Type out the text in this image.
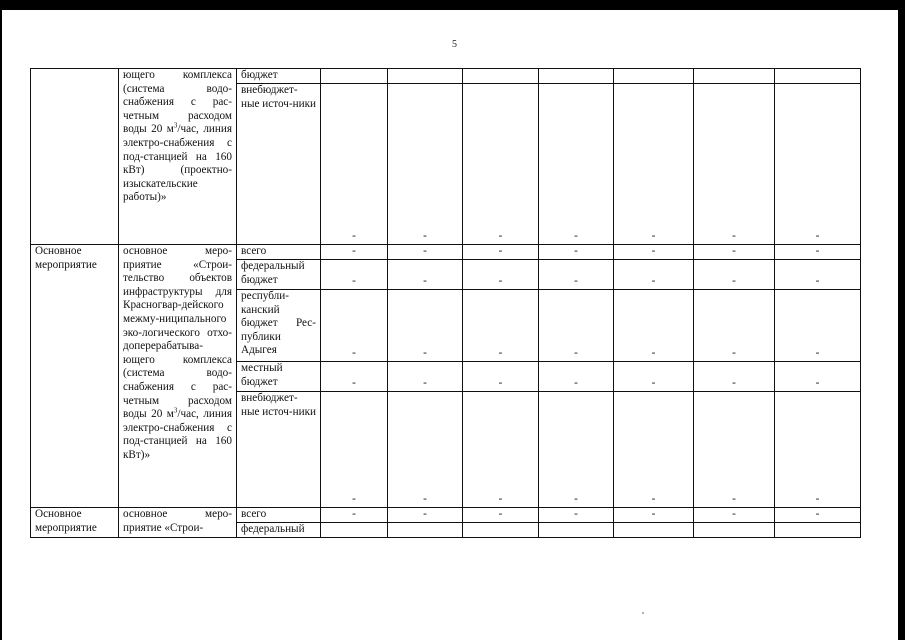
5
	ющего комплекса (система водо-снабжения с рас-четным расходом воды 20 $м^3$/час, линия электро-снабжения с под-станцией на 160 кВт) (проектно-изыскательские работы)»	бюджет							
		внебюджет-ные источ-ники	-	-	-	-	-	-	-
Основное мероприятие	основное меро-приятие «Строи-тельство объектов инфраструктуры для Красногвар-дейского межму-ниципального эко-логического отхо-доперерабатыва-ющего комплекса (система водо-снабжения с рас-четным расходом воды 20 $м^3$/час, линия электро-снабжения с под-станцией на 160 кВт)»	всего	-	-	-	-	-	-	-
		федеральный бюджет	-	-	-	-	-	-	-
		республи-канский бюджет Рес-публики Адыгея	-	-	-	-	-	-	-
		местный бюджет	-	-	-	-	-	-	-
		внебюджет-ные источ-ники	-	-	-	-	-	-	-
Основное мероприятие	основное меро-приятие «Строи-	всего	-	-	-	-	-	-	-
		федеральный							
